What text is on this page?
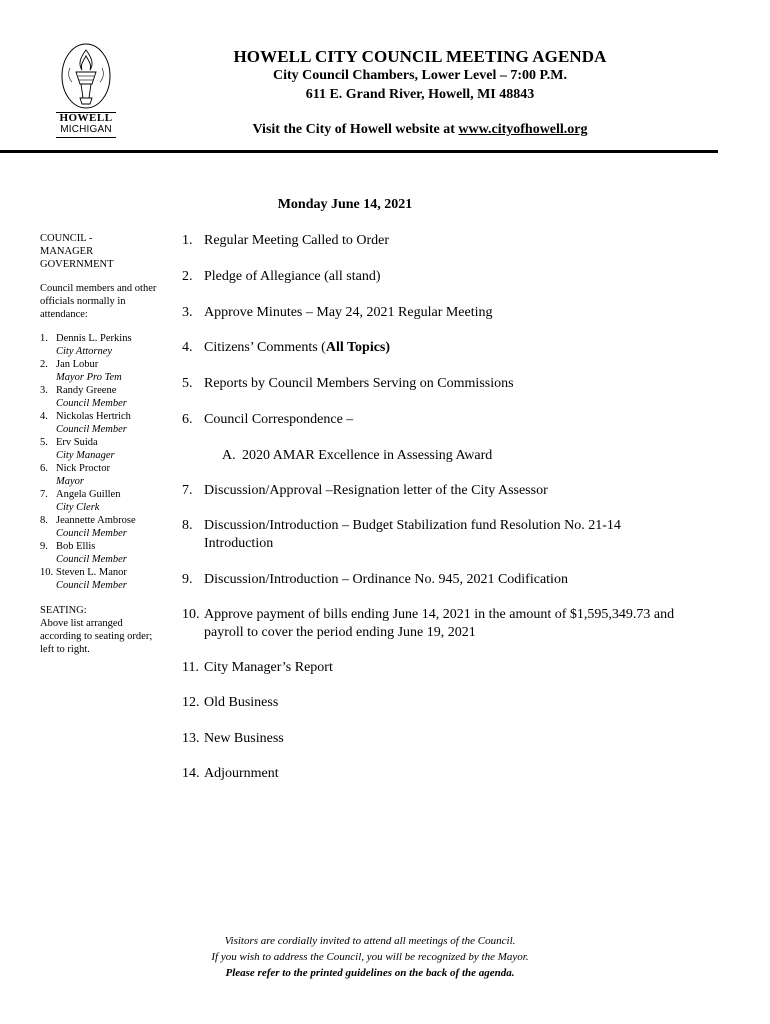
HOWELL
MICHIGAN
HOWELL CITY COUNCIL MEETING AGENDA
City Council Chambers, Lower Level – 7:00 P.M.
611 E. Grand River, Howell, MI 48843
Visit the City of Howell website at www.cityofhowell.org
Monday June 14, 2021
COUNCIL -
MANAGER
GOVERNMENT
Council members and other officials normally in attendance:
1. Dennis L. Perkins
City Attorney
2. Jan Lobur
Mayor Pro Tem
3. Randy Greene
Council Member
4. Nickolas Hertrich
Council Member
5. Erv Suida
City Manager
6. Nick Proctor
Mayor
7. Angela Guillen
City Clerk
8. Jeannette Ambrose
Council Member
9. Bob Ellis
Council Member
10. Steven L. Manor
Council Member
SEATING:
Above list arranged according to seating order; left to right.
1. Regular Meeting Called to Order
2. Pledge of Allegiance (all stand)
3. Approve Minutes – May 24, 2021 Regular Meeting
4. Citizens’ Comments (All Topics)
5. Reports by Council Members Serving on Commissions
6. Council Correspondence –
A. 2020 AMAR Excellence in Assessing Award
7. Discussion/Approval –Resignation letter of the City Assessor
8. Discussion/Introduction – Budget Stabilization fund Resolution No. 21-14 Introduction
9. Discussion/Introduction – Ordinance No. 945, 2021 Codification
10. Approve payment of bills ending June 14, 2021 in the amount of $1,595,349.73 and payroll to cover the period ending June 19, 2021
11. City Manager’s Report
12. Old Business
13. New Business
14. Adjournment
Visitors are cordially invited to attend all meetings of the Council.
If you wish to address the Council, you will be recognized by the Mayor.
Please refer to the printed guidelines on the back of the agenda.
